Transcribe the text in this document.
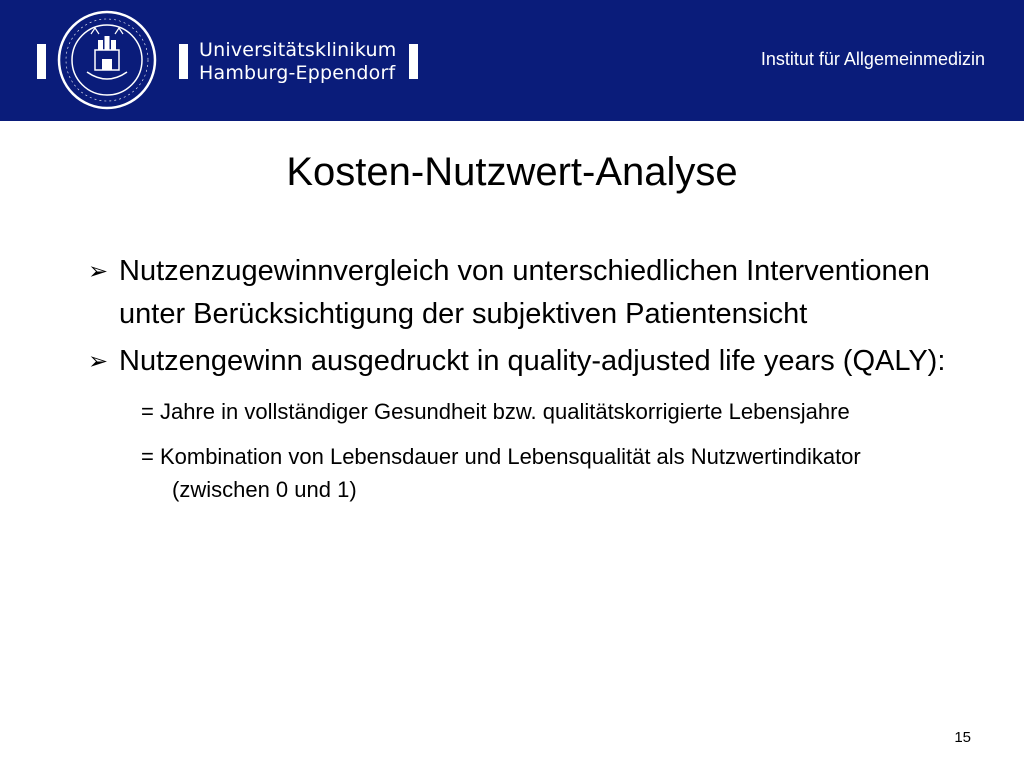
Universitätsklinikum
Hamburg-Eppendorf
Institut für Allgemeinmedizin
Kosten-Nutzwert-Analyse
➢ Nutzenzugewinnvergleich von unterschiedlichen Interventionen unter Berücksichtigung der subjektiven Patientensicht
➢ Nutzengewinn ausgedruckt in quality-adjusted life years (QALY):
= Jahre in vollständiger Gesundheit bzw. qualitätskorrigierte Lebensjahre
= Kombination von Lebensdauer und Lebensqualität als Nutzwertindikator (zwischen 0 und 1)
15
